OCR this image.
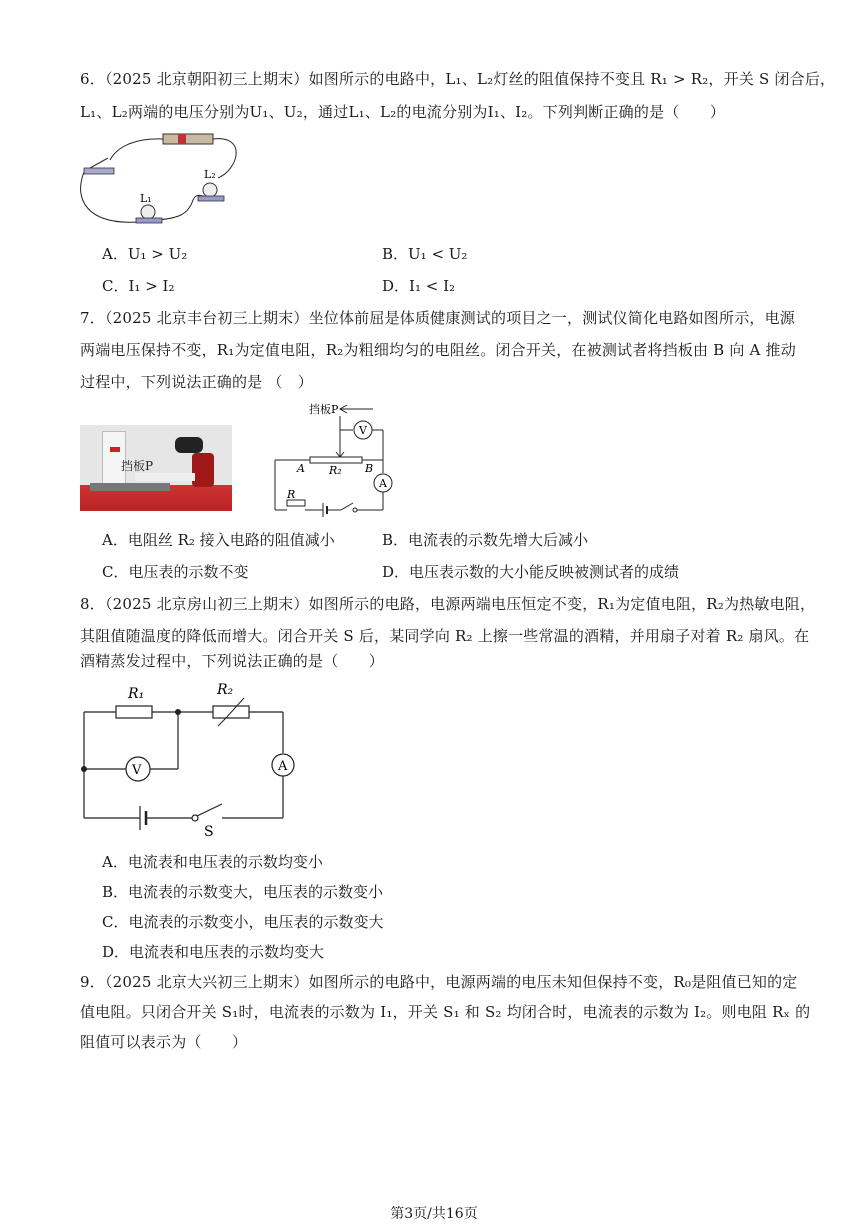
6．（2025 北京朝阳初三上期末）如图所示的电路中，L₁、L₂灯丝的阻值保持不变且 R₁ > R₂，开关 S 闭合后，
L₁、L₂两端的电压分别为U₁、U₂，通过L₁、L₂的电流分别为I₁、I₂。下列判断正确的是（　　）
L₁
L₂
A．U₁ > U₂	B．U₁ < U₂
C．I₁ > I₂	D．I₁ < I₂
7．（2025 北京丰台初三上期末）坐位体前屈是体质健康测试的项目之一，测试仪简化电路如图所示，电源
两端电压保持不变，R₁为定值电阻，R₂为粗细均匀的电阻丝。闭合开关，在被测试者将挡板由 B 向 A 推动
过程中，下列说法正确的是 （　）
挡板P
挡板P
A	B
R₂
V
A
R
A．电阻丝 R₂ 接入电路的阻值减小	B．电流表的示数先增大后减小
C．电压表的示数不变	D．电压表示数的大小能反映被测试者的成绩
8．（2025 北京房山初三上期末）如图所示的电路，电源两端电压恒定不变，R₁为定值电阻，R₂为热敏电阻，
其阻值随温度的降低而增大。闭合开关 S 后，某同学向 R₂ 上擦一些常温的酒精，并用扇子对着 R₂ 扇风。在
酒精蒸发过程中，下列说法正确的是（　　）
R₁	R₂
A
V
S
A．电流表和电压表的示数均变小
B．电流表的示数变大，电压表的示数变小
C．电流表的示数变小，电压表的示数变大
D．电流表和电压表的示数均变大
9．（2025 北京大兴初三上期末）如图所示的电路中，电源两端的电压未知但保持不变，R₀是阻值已知的定
值电阻。只闭合开关 S₁时，电流表的示数为 I₁，开关 S₁ 和 S₂ 均闭合时，电流表的示数为 I₂。则电阻 Rₓ 的
阻值可以表示为（　　）
第3页/共16页
